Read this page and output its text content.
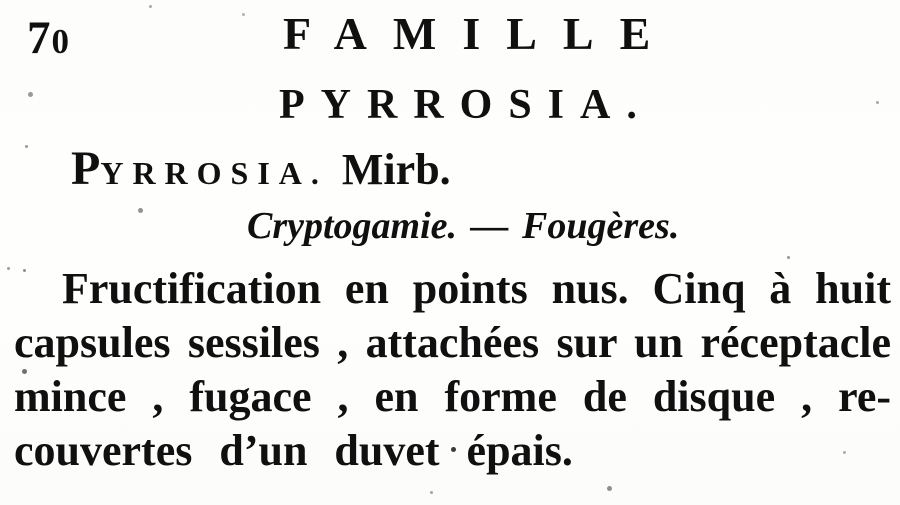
70	FAMILLE
PYRROSIA.
PYRROSIA. Mirb.
Cryptogamie. — Fougères.
Fructification en points nus. Cinq à huit
capsules sessiles , attachées sur un réceptacle
mince , fugace , en forme de disque , re-
couvertes d’un duvet épais.
